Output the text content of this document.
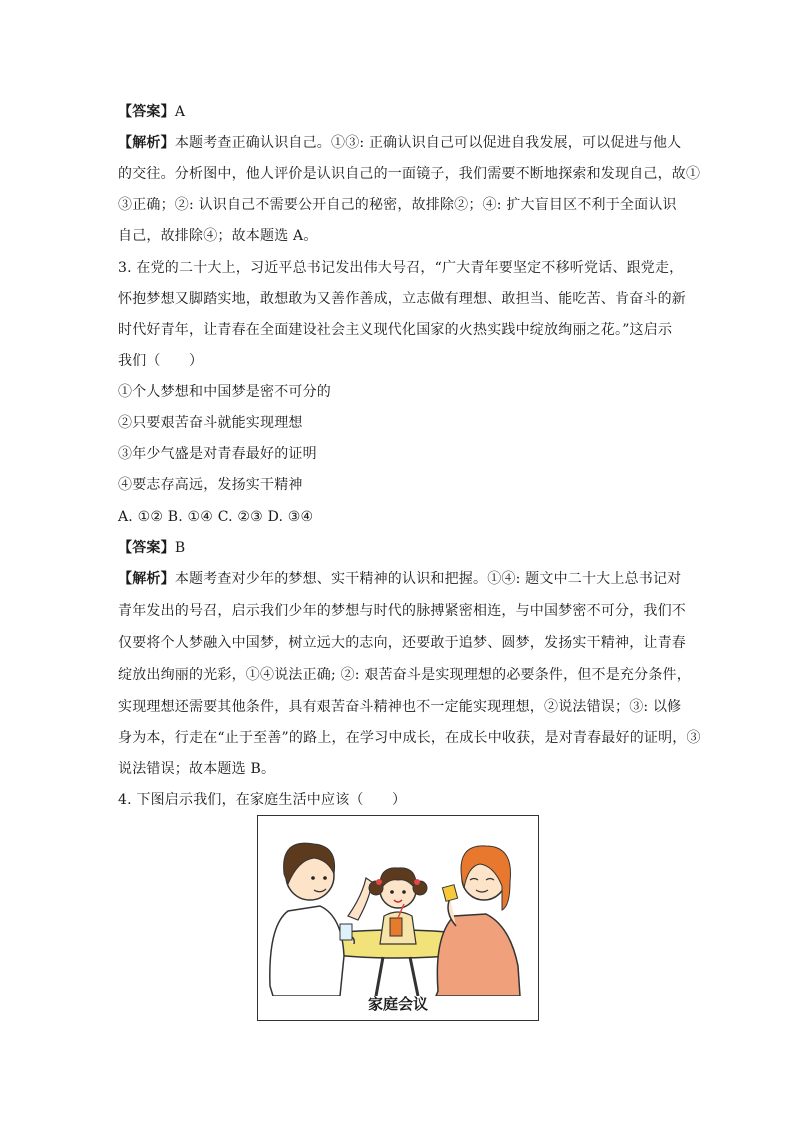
【答案】A
【解析】本题考查正确认识自己。①③: 正确认识自己可以促进自我发展，可以促进与他人
的交往。分析图中，他人评价是认识自己的一面镜子，我们需要不断地探索和发现自己，故①
③正确；②: 认识自己不需要公开自己的秘密，故排除②；④: 扩大盲目区不利于全面认识
自己，故排除④；故本题选 A。
3. 在党的二十大上，习近平总书记发出伟大号召，“广大青年要坚定不移听党话、跟党走，
怀抱梦想又脚踏实地，敢想敢为又善作善成，立志做有理想、敢担当、能吃苦、肯奋斗的新
时代好青年，让青春在全面建设社会主义现代化国家的火热实践中绽放绚丽之花。”这启示
我们（　　）
①个人梦想和中国梦是密不可分的
②只要艰苦奋斗就能实现理想
③年少气盛是对青春最好的证明
④要志存高远，发扬实干精神
A. ①② B. ①④ C. ②③ D. ③④
【答案】B
【解析】本题考查对少年的梦想、实干精神的认识和把握。①④: 题文中二十大上总书记对
青年发出的号召，启示我们少年的梦想与时代的脉搏紧密相连，与中国梦密不可分，我们不
仅要将个人梦融入中国梦，树立远大的志向，还要敢于追梦、圆梦，发扬实干精神，让青春
绽放出绚丽的光彩，①④说法正确; ②: 艰苦奋斗是实现理想的必要条件，但不是充分条件，
实现理想还需要其他条件，具有艰苦奋斗精神也不一定能实现理想，②说法错误；③: 以修
身为本，行走在“止于至善”的路上，在学习中成长，在成长中收获，是对青春最好的证明，③
说法错误；故本题选 B。
4. 下图启示我们，在家庭生活中应该（　　）
家庭会议
